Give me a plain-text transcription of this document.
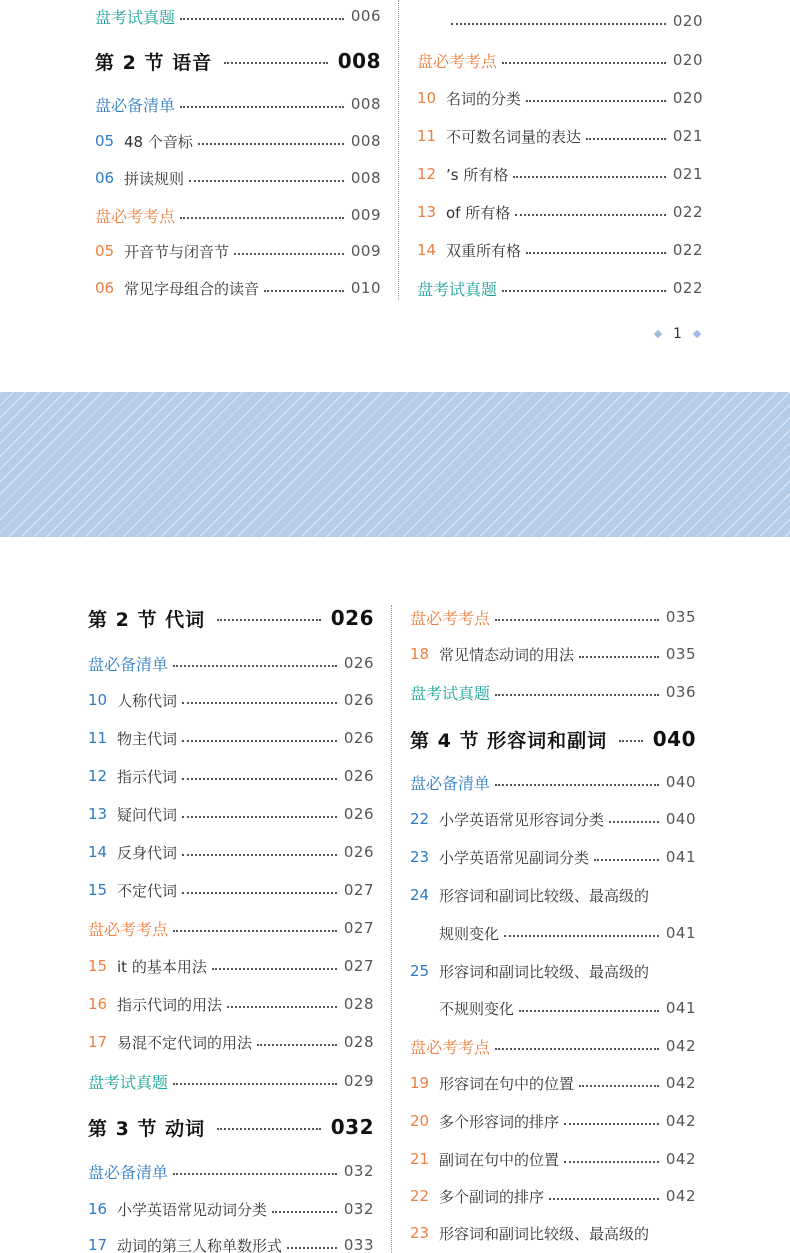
盘考试真题	006
第 2 节 语音	008
盘必备清单	008
05 48 个音标	008
06 拼读规则	008
盘必考考点	009
05 开音节与闭音节	009
06 常见字母组合的读音	010
020
盘必考考点	020
10 名词的分类	020
11 不可数名词量的表达	021
12 ’s 所有格	021
13 of 所有格	022
14 双重所有格	022
盘考试真题	022
1
第 2 节 代词	026
盘必备清单	026
10 人称代词	026
11 物主代词	026
12 指示代词	026
13 疑问代词	026
14 反身代词	026
15 不定代词	027
盘必考考点	027
15 it 的基本用法	027
16 指示代词的用法	028
17 易混不定代词的用法	028
盘考试真题	029
第 3 节 动词	032
盘必备清单	032
16 小学英语常见动词分类	032
17 动词的第三人称单数形式	033
盘必考考点	035
18 常见情态动词的用法	035
盘考试真题	036
第 4 节 形容词和副词 040
盘必备清单	040
22 小学英语常见形容词分类	040
23 小学英语常见副词分类	041
24 形容词和副词比较级、最高级的
规则变化	041
25 形容词和副词比较级、最高级的
不规则变化	041
盘必考考点	042
19 形容词在句中的位置	042
20 多个形容词的排序	042
21 副词在句中的位置	042
22 多个副词的排序	042
23 形容词和副词比较级、最高级的
